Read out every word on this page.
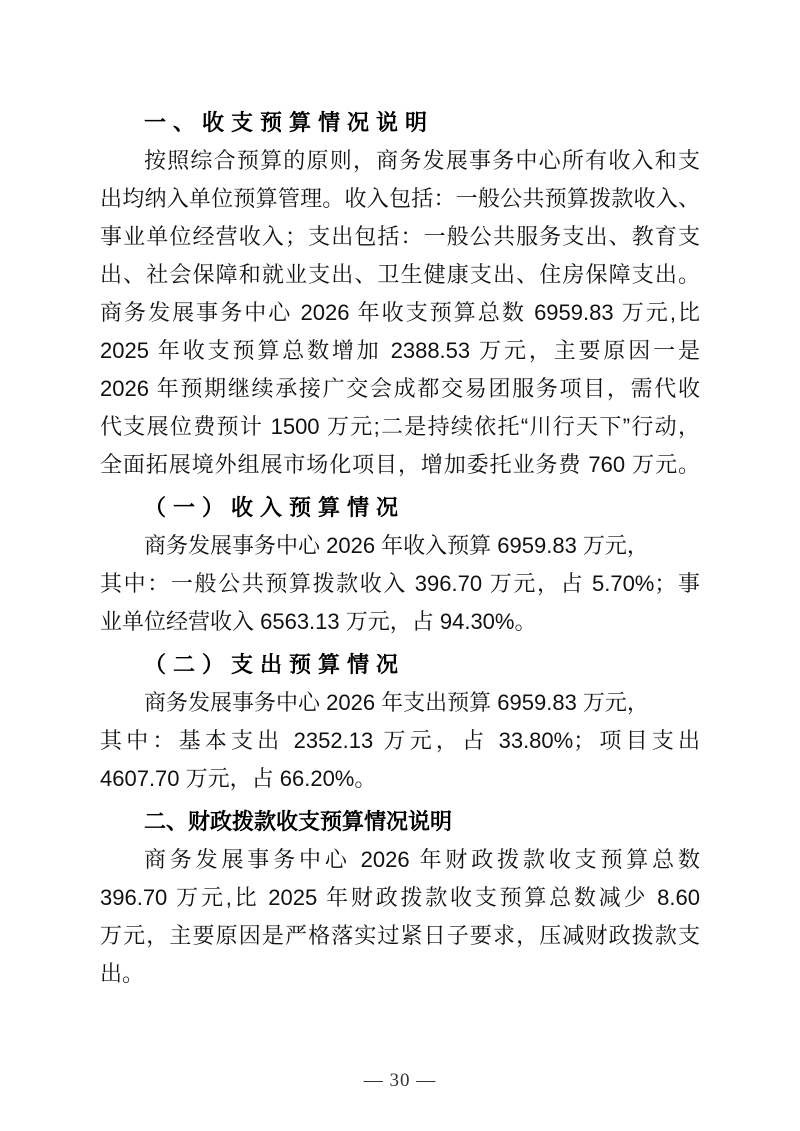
一、收支预算情况说明
按照综合预算的原则，商务发展事务中心所有收入和支
出均纳入单位预算管理。收入包括：一般公共预算拨款收入、
事业单位经营收入；支出包括：一般公共服务支出、教育支
出、社会保障和就业支出、卫生健康支出、住房保障支出。
商务发展事务中心 2026 年收支预算总数 6959.83 万元,比
2025 年收支预算总数增加 2388.53 万元，主要原因一是
2026 年预期继续承接广交会成都交易团服务项目，需代收
代支展位费预计 1500 万元;二是持续依托“川行天下”行动，
全面拓展境外组展市场化项目，增加委托业务费 760 万元。
（一）收入预算情况
商务发展事务中心 2026 年收入预算 6959.83 万元，
其中：一般公共预算拨款收入 396.70 万元，占 5.70%；事
业单位经营收入 6563.13 万元，占 94.30%。
（二）支出预算情况
商务发展事务中心 2026 年支出预算 6959.83 万元，
其中：基本支出 2352.13 万元，占 33.80%；项目支出
4607.70 万元，占 66.20%。
二、财政拨款收支预算情况说明
商务发展事务中心 2026 年财政拨款收支预算总数
396.70 万元,比 2025 年财政拨款收支预算总数减少 8.60
万元，主要原因是严格落实过紧日子要求，压减财政拨款支
出。
— 30 —
